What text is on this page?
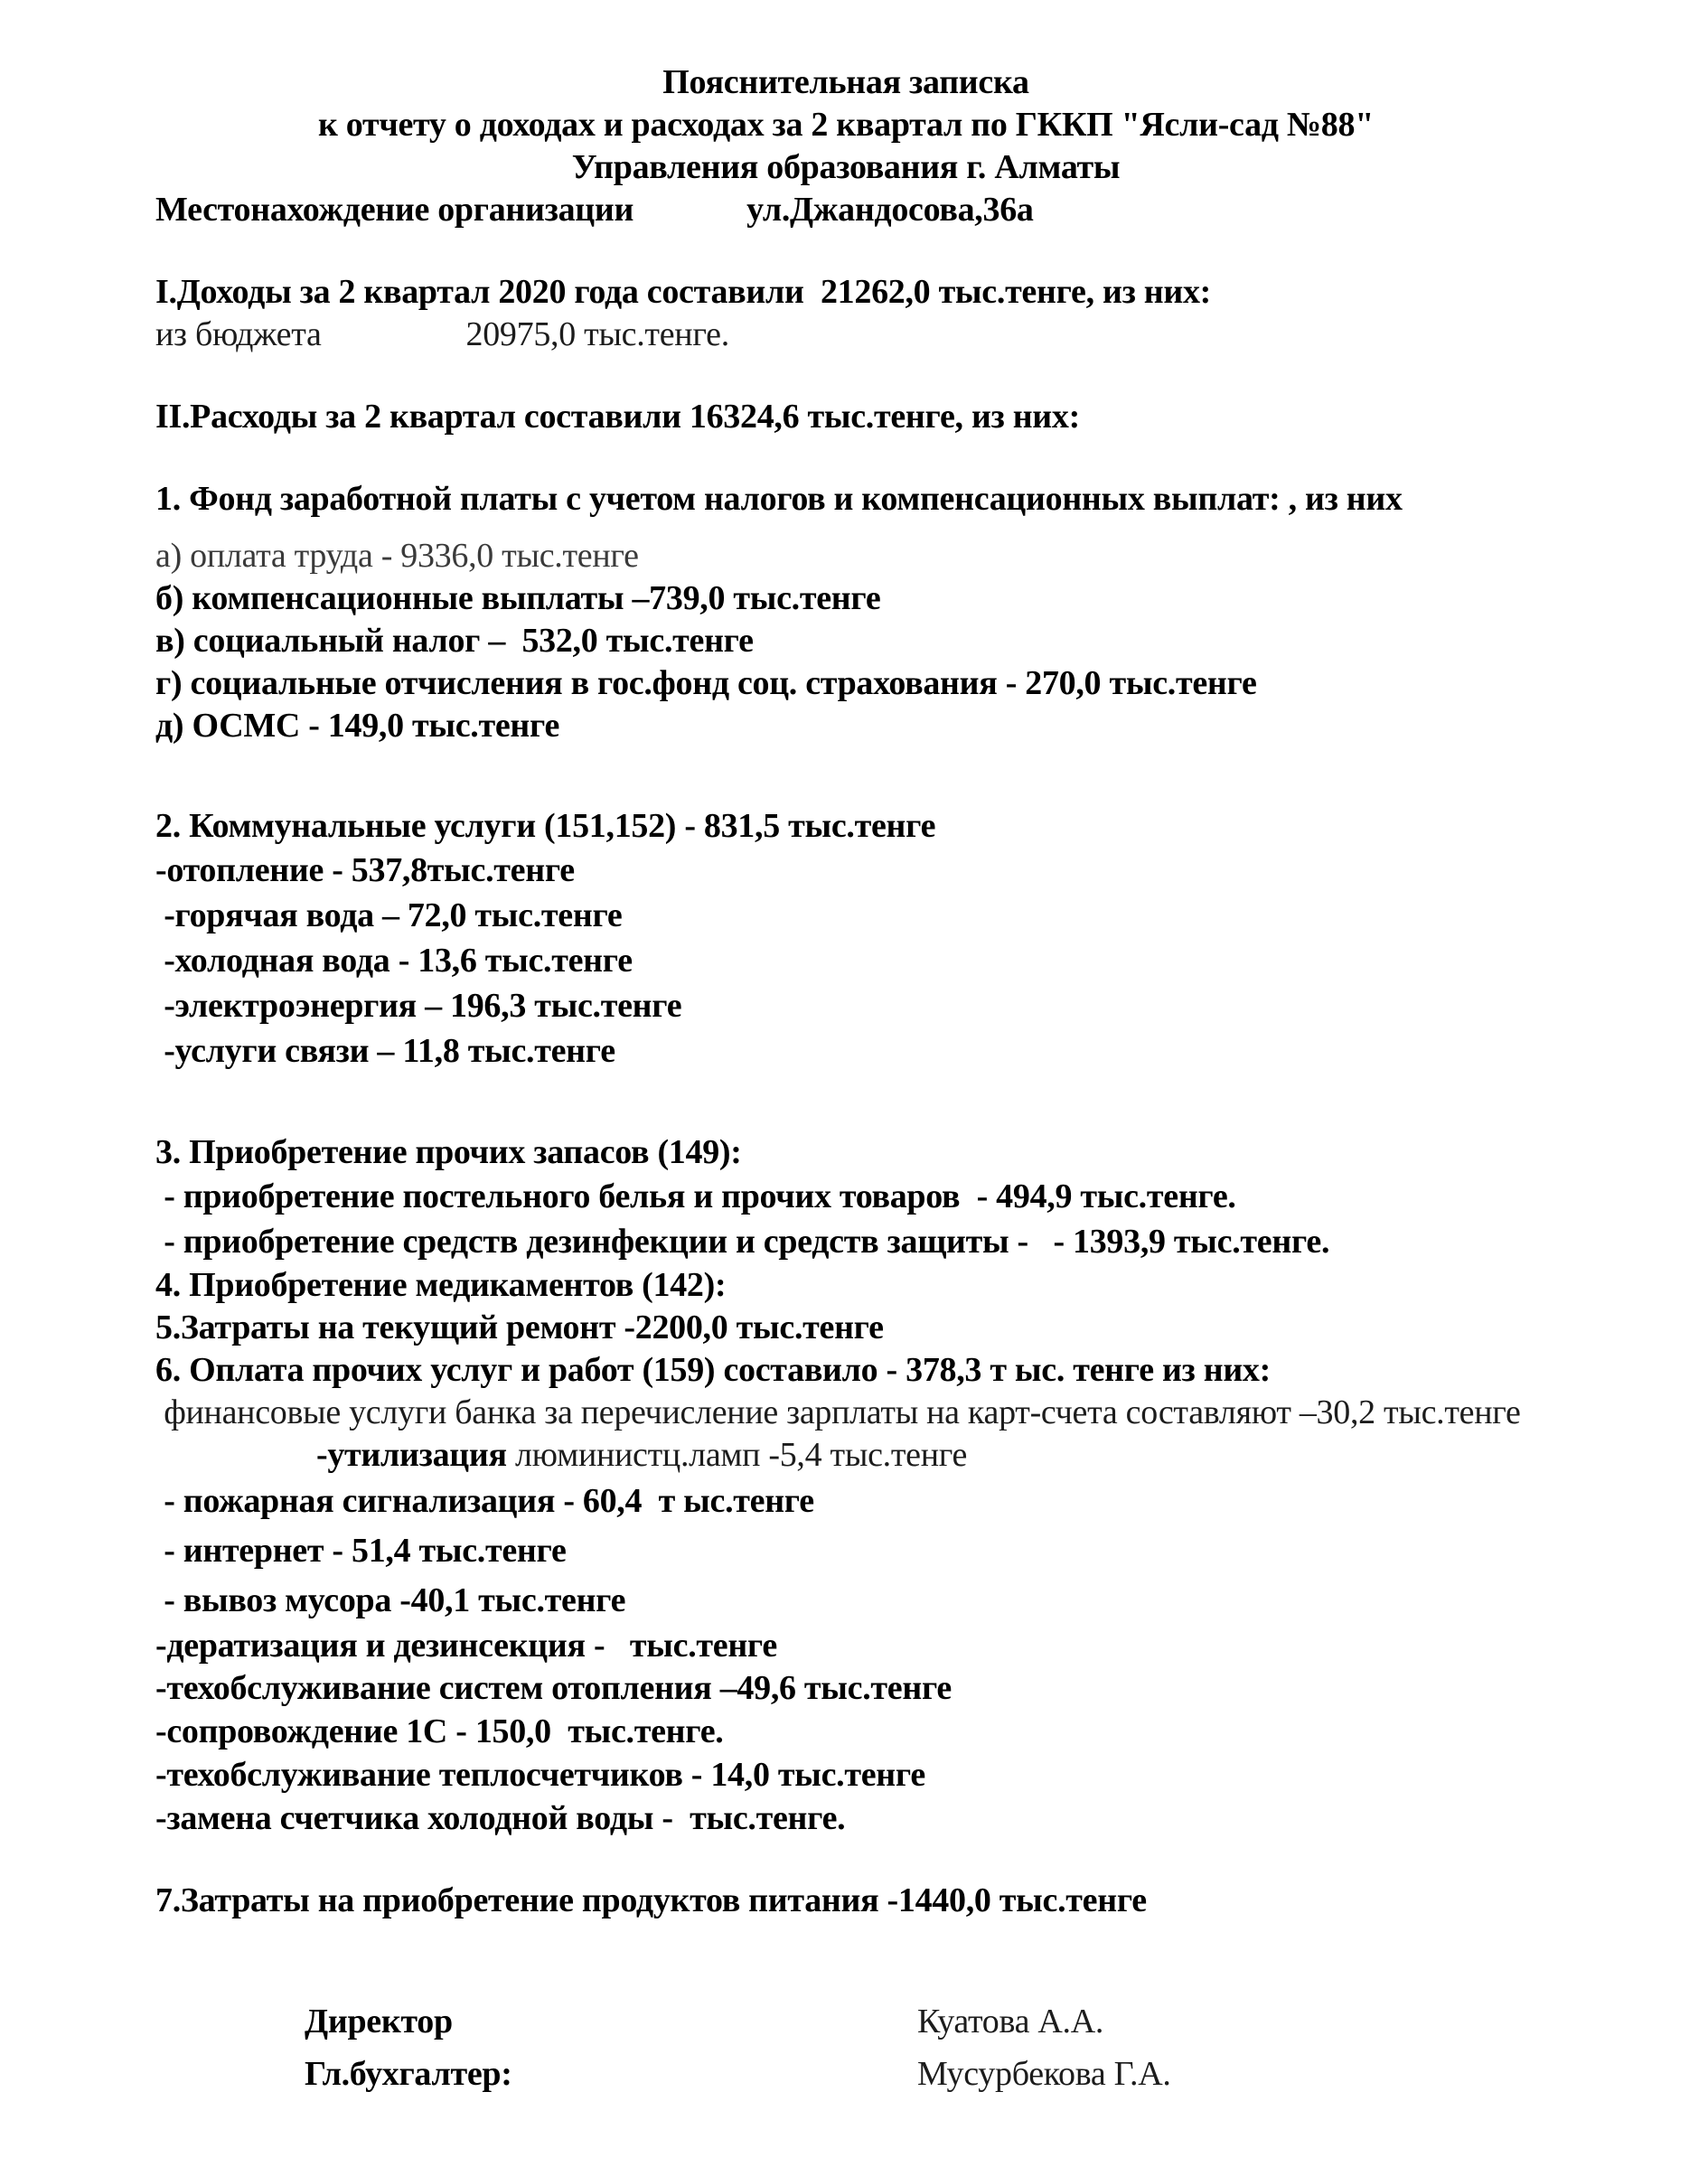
Пояснительная записка

к отчету о доходах и расходах за 2 квартал по ГККП "Ясли-сад №88"

Управления образования г. Алматы

Местонахождение организации	ул.Джандосова,36а

I.Доходы за 2 квартал 2020 года составили  21262,0 тыс.тенге, из них:

из бюджета	20975,0 тыс.тенге.

II.Расходы за 2 квартал составили 16324,6 тыс.тенге, из них:

1. Фонд заработной платы с учетом налогов и компенсационных выплат: , из них

а) оплата труда - 9336,0 тыс.тенге

б) компенсационные выплаты –739,0 тыс.тенге

в) социальный налог –  532,0 тыс.тенге

г) социальные отчисления в гос.фонд соц. страхования - 270,0 тыс.тенге

д) ОСМС - 149,0 тыс.тенге

2. Коммунальные услуги (151,152) - 831,5 тыс.тенге

-отопление - 537,8тыс.тенге

-горячая вода – 72,0 тыс.тенге

-холодная вода - 13,6 тыс.тенге

-электроэнергия – 196,3 тыс.тенге

-услуги связи – 11,8 тыс.тенге

3. Приобретение прочих запасов (149):

- приобретение постельного белья и прочих товаров  - 494,9 тыс.тенге.

- приобретение средств дезинфекции и средств защиты -   - 1393,9 тыс.тенге.

4. Приобретение медикаментов (142):

5.Затраты на текущий ремонт -2200,0 тыс.тенге

6. Оплата прочих услуг и работ (159) составило - 378,3 т ыс. тенге из них:

финансовые услуги банка за перечисление зарплаты на карт-счета составляют –30,2 тыс.тенге

-утилизация люминистц.ламп -5,4 тыс.тенге

- пожарная сигнализация - 60,4  т ыс.тенге

- интернет - 51,4 тыс.тенге

- вывоз мусора -40,1 тыс.тенге

-дератизация и дезинсекция -   тыс.тенге

-техобслуживание систем отопления –49,6 тыс.тенге

-сопровождение 1С - 150,0  тыс.тенге.

-техобслуживание теплосчетчиков - 14,0 тыс.тенге

-замена счетчика холодной воды -  тыс.тенге.

7.Затраты на приобретение продуктов питания -1440,0 тыс.тенге

Директор	Куатова А.А.
Гл.бухгалтер:	Мусурбекова Г.А.
